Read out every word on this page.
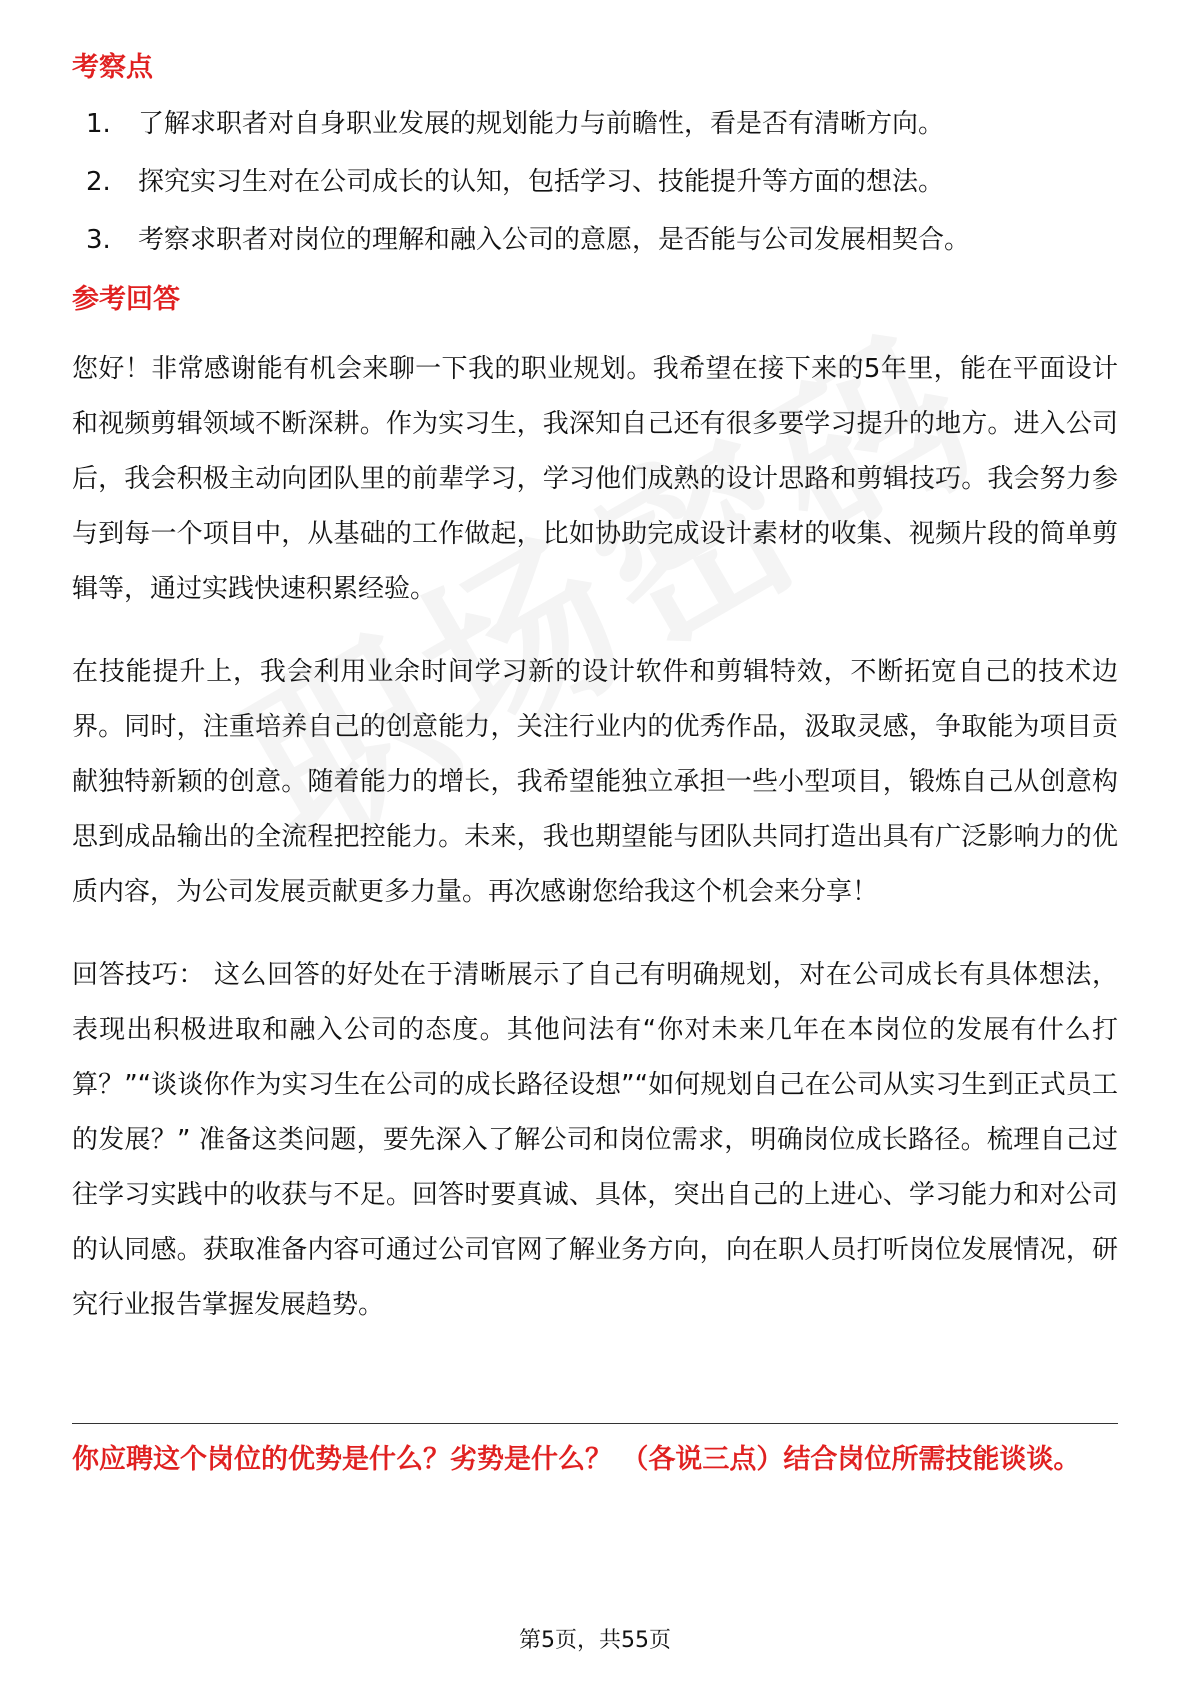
考察点
1.	了解求职者对自身职业发展的规划能力与前瞻性，看是否有清晰方向。
2.	探究实习生对在公司成长的认知，包括学习、技能提升等方面的想法。
3.	考察求职者对岗位的理解和融入公司的意愿，是否能与公司发展相契合。
参考回答

您好！非常感谢能有机会来聊一下我的职业规划。我希望在接下来的5年里，能在平面设计和视频剪辑领域不断深耕。作为实习生，我深知自己还有很多要学习提升的地方。进入公司后，我会积极主动向团队里的前辈学习，学习他们成熟的设计思路和剪辑技巧。我会努力参与到每一个项目中，从基础的工作做起，比如协助完成设计素材的收集、视频片段的简单剪辑等，通过实践快速积累经验。

在技能提升上，我会利用业余时间学习新的设计软件和剪辑特效，不断拓宽自己的技术边界。同时，注重培养自己的创意能力，关注行业内的优秀作品，汲取灵感，争取能为项目贡献独特新颖的创意。随着能力的增长，我希望能独立承担一些小型项目，锻炼自己从创意构思到成品输出的全流程把控能力。未来，我也期望能与团队共同打造出具有广泛影响力的优质内容，为公司发展贡献更多力量。再次感谢您给我这个机会来分享！

回答技巧： 这么回答的好处在于清晰展示了自己有明确规划，对在公司成长有具体想法，表现出积极进取和融入公司的态度。其他问法有“你对未来几年在本岗位的发展有什么打算？”“谈谈你作为实习生在公司的成长路径设想”“如何规划自己在公司从实习生到正式员工的发展？” 准备这类问题，要先深入了解公司和岗位需求，明确岗位成长路径。梳理自己过往学习实践中的收获与不足。回答时要真诚、具体，突出自己的上进心、学习能力和对公司的认同感。获取准备内容可通过公司官网了解业务方向，向在职人员打听岗位发展情况，研究行业报告掌握发展趋势。

你应聘这个岗位的优势是什么？劣势是什么？ （各说三点）结合岗位所需技能谈谈。

第5页，共55页
